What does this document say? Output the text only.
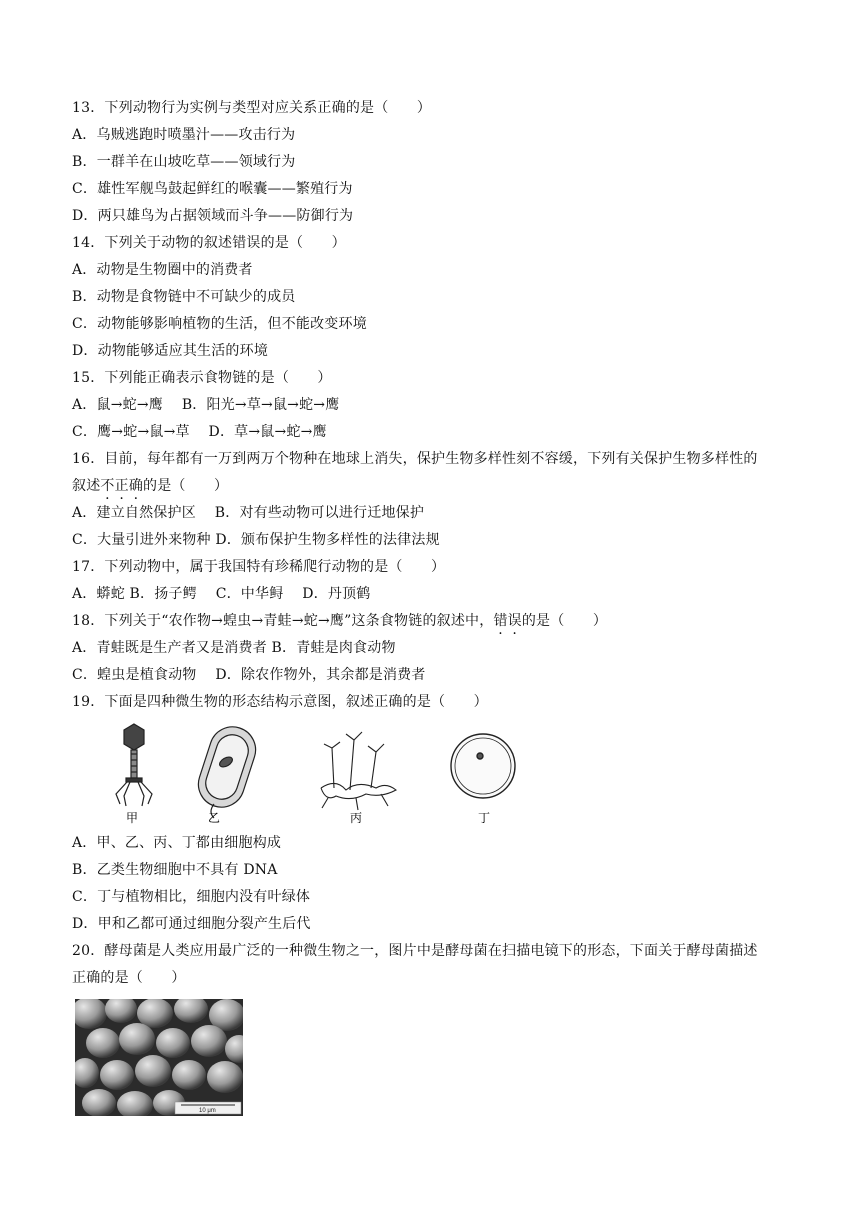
13．下列动物行为实例与类型对应关系正确的是（　　）
A．乌贼逃跑时喷墨汁——攻击行为
B．一群羊在山坡吃草——领域行为
C．雄性军舰鸟鼓起鲜红的喉囊——繁殖行为
D．两只雄鸟为占据领域而斗争——防御行为
14．下列关于动物的叙述错误的是（　　）
A．动物是生物圈中的消费者
B．动物是食物链中不可缺少的成员
C．动物能够影响植物的生活，但不能改变环境
D．动物能够适应其生活的环境
15．下列能正确表示食物链的是（　　）
A．鼠→蛇→鹰　 B．阳光→草→鼠→蛇→鹰
C．鹰→蛇→鼠→草　 D．草→鼠→蛇→鹰
16．目前，每年都有一万到两万个物种在地球上消失，保护生物多样性刻不容缓，下列有关保护生物多样性的
叙述不正确的是（　　）
A．建立自然保护区　 B．对有些动物可以进行迁地保护
C．大量引进外来物种 D．颁布保护生物多样性的法律法规
17．下列动物中，属于我国特有珍稀爬行动物的是（　　）
A．蟒蛇 B．扬子鳄　 C．中华鲟　 D．丹顶鹤
18．下列关于“农作物→蝗虫→青蛙→蛇→鹰”这条食物链的叙述中，错误的是（　　）
A．青蛙既是生产者又是消费者 B．青蛙是肉食动物
C．蝗虫是植食动物　 D．除农作物外，其余都是消费者
19．下面是四种微生物的形态结构示意图，叙述正确的是（　　）
甲	乙	丙	丁
A．甲、乙、丙、丁都由细胞构成
B．乙类生物细胞中不具有 DNA
C．丁与植物相比，细胞内没有叶绿体
D．甲和乙都可通过细胞分裂产生后代
20．酵母菌是人类应用最广泛的一种微生物之一，图片中是酵母菌在扫描电镜下的形态，下面关于酵母菌描述
正确的是（　　）
10 μm
